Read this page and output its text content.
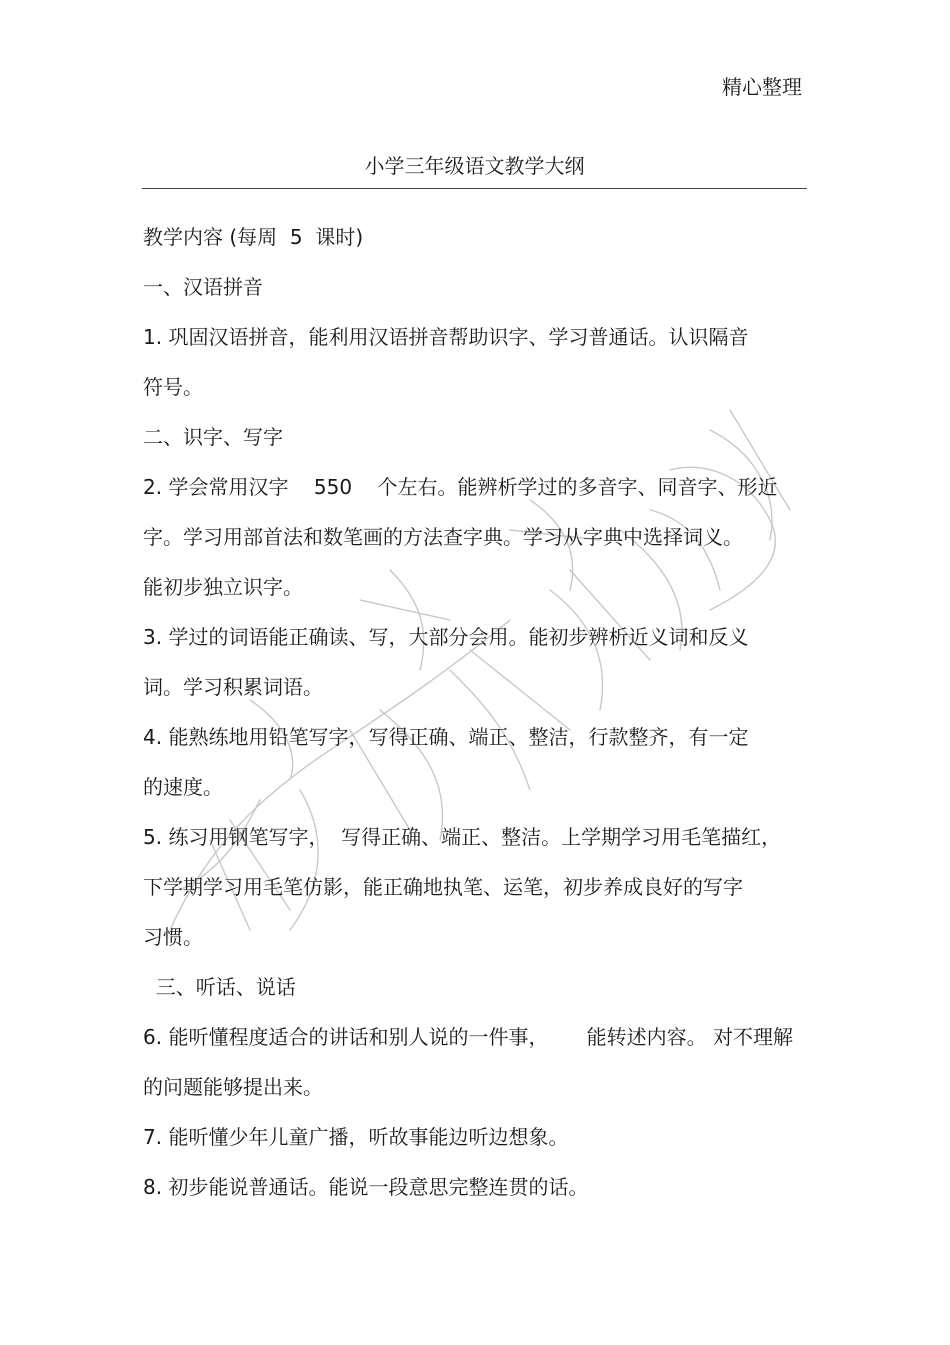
精心整理
小学三年级语文教学大纲
教学内容 (每周  5  课时)
一、汉语拼音
1. 巩固汉语拼音，能利用汉语拼音帮助识字、学习普通话。认识隔音
符号。
二、识字、写字
2. 学会常用汉字    550    个左右。能辨析学过的多音字、同音字、形近
字。学习用部首法和数笔画的方法查字典。学习从字典中选择词义。
能初步独立识字。
3. 学过的词语能正确读、写，大部分会用。能初步辨析近义词和反义
词。学习积累词语。
4. 能熟练地用铅笔写字，写得正确、端正、整洁，行款整齐，有一定
的速度。
5. 练习用钢笔写字，  写得正确、端正、整洁。上学期学习用毛笔描红，
下学期学习用毛笔仿影，能正确地执笔、运笔，初步养成良好的写字
习惯。
三、听话、说话
6. 能听懂程度适合的讲话和别人说的一件事，      能转述内容。 对不理解
的问题能够提出来。
7. 能听懂少年儿童广播，听故事能边听边想象。
8. 初步能说普通话。能说一段意思完整连贯的话。
